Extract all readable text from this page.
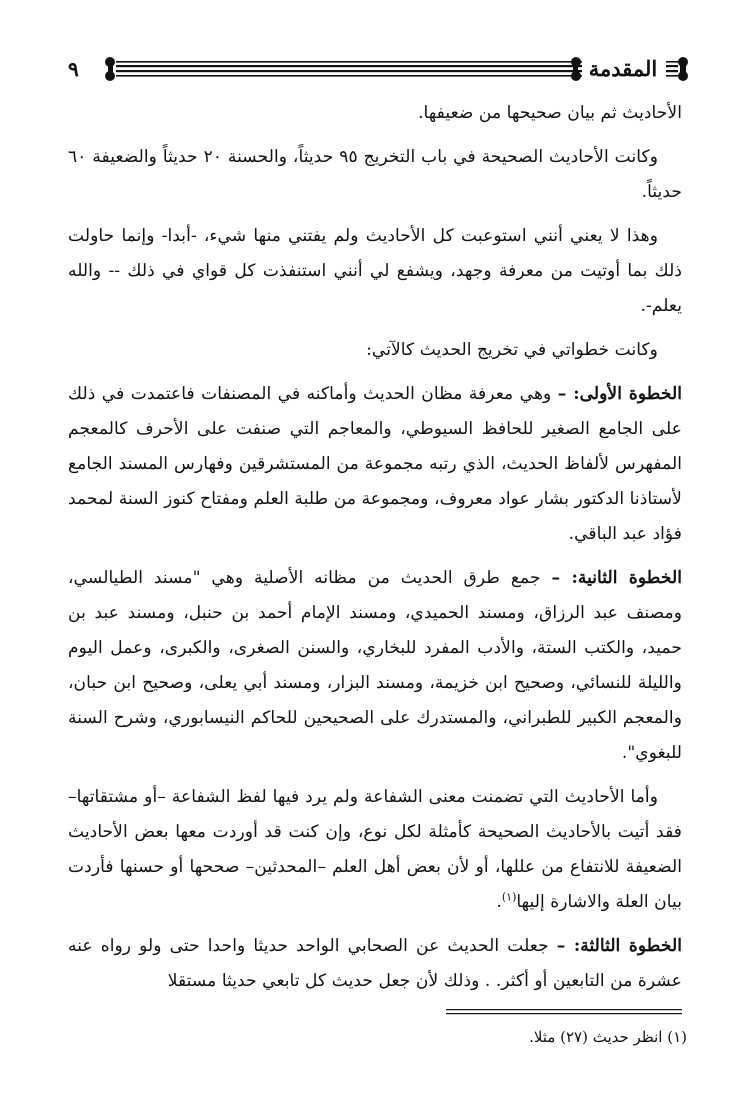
٩	المقدمة

الأحاديث ثم بيان صحيحها من ضعيفها.

وكانت الأحاديث الصحيحة في باب التخريج ٩٥ حديثاً، والحسنة ٢٠ حديثاً والضعيفة ٦٠ حديثاً.

وهذا لا يعني أنني استوعبت كل الأحاديث ولم يفتني منها شيء، -أبدا- وإنما حاولت ذلك بما أوتيت من معرفة وجهد، ويشفع لي أنني استنفذت كل قواي في ذلك -- والله يعلم-.

وكانت خطواتي في تخريج الحديث كالآتي:

الخطوة الأولى: – وهي معرفة مظان الحديث وأماكنه في المصنفات فاعتمدت في ذلك على الجامع الصغير للحافظ السيوطي، والمعاجم التي صنفت على الأحرف كالمعجم المفهرس لألفاظ الحديث، الذي رتبه مجموعة من المستشرقين وفهارس المسند الجامع لأستاذنا الدكتور بشار عواد معروف، ومجموعة من طلبة العلم ومفتاح كنوز السنة لمحمد فؤاد عبد الباقي.

الخطوة الثانية: – جمع طرق الحديث من مظانه الأصلية وهي "مسند الطيالسي، ومصنف عبد الرزاق، ومسند الحميدي، ومسند الإمام أحمد بن حنبل، ومسند عبد بن حميد، والكتب الستة، والأدب المفرد للبخاري، والسنن الصغرى، والكبرى، وعمل اليوم والليلة للنسائي، وصحيح ابن خزيمة، ومسند البزار، ومسند أبي يعلى، وصحيح ابن حبان، والمعجم الكبير للطبراني، والمستدرك على الصحيحين للحاكم النيسابوري، وشرح السنة للبغوي".

وأما الأحاديث التي تضمنت معنى الشفاعة ولم يرد فيها لفظ الشفاعة –أو مشتقاتها– فقد أتيت بالأحاديث الصحيحة كأمثلة لكل نوع، وإن كنت قد أوردت معها بعض الأحاديث الضعيفة للانتفاع من عللها، أو لأن بعض أهل العلم –المحدثين– صححها أو حسنها فأردت بيان العلة والاشارة إليها$^{(١)}$.

الخطوة الثالثة: – جعلت الحديث عن الصحابي الواحد حديثا واحدا حتى ولو رواه عنه عشرة من التابعين أو أكثر. . وذلك لأن جعل حديث كل تابعي حديثا مستقلا

(١) انظر حديث (٢٧) مثلا.
